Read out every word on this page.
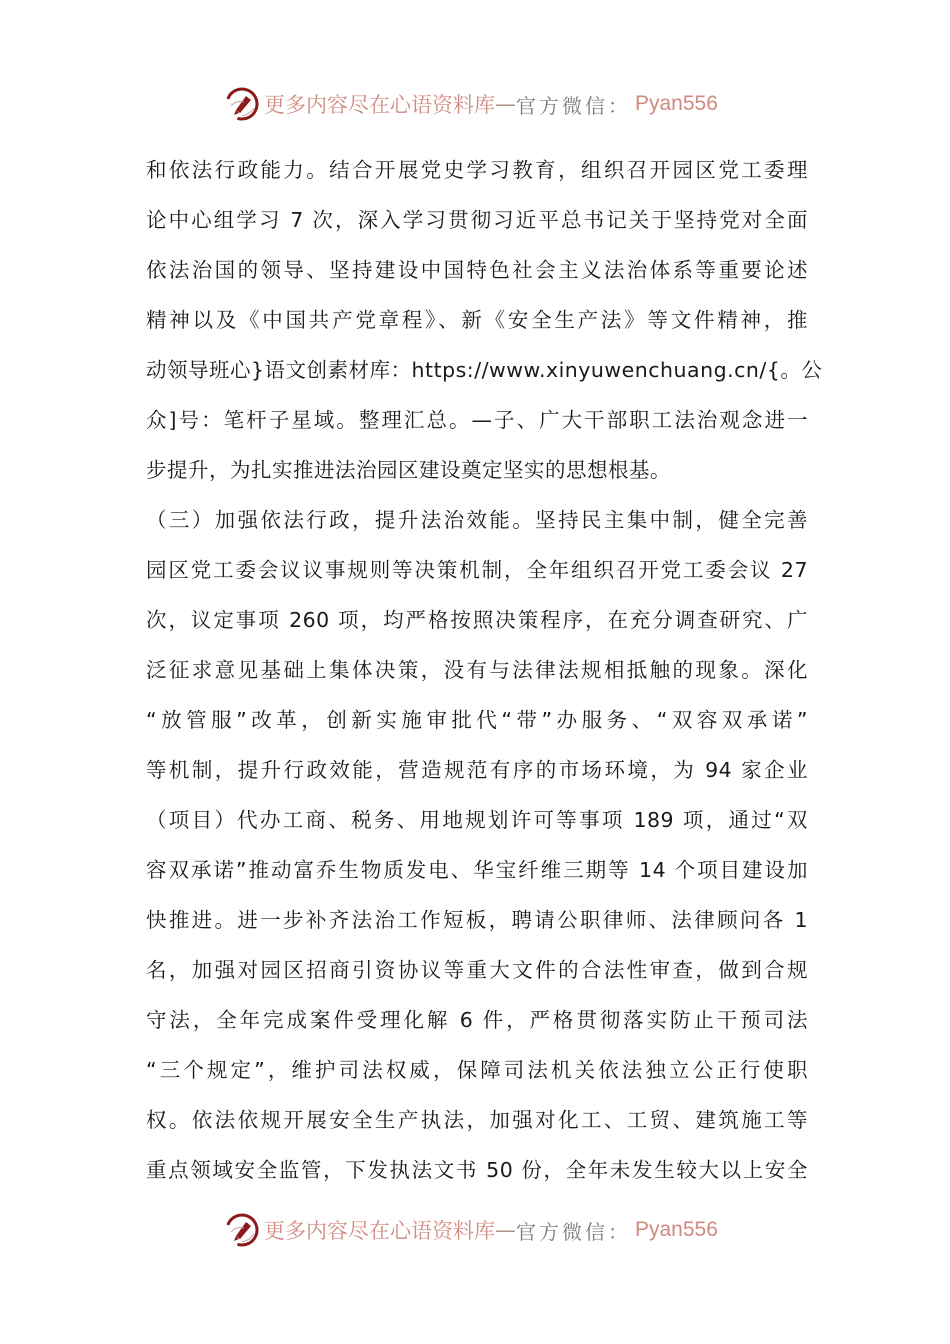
更多内容尽在心语资料库 — 官方微信： Pyan556
和依法行政能力。结合开展党史学习教育，组织召开园区党工委理
论中心组学习 7 次，深入学习贯彻习近平总书记关于坚持党对全面
依法治国的领导、坚持建设中国特色社会主义法治体系等重要论述
精神以及《中国共产党章程》、新《安全生产法》等文件精神，推
动领导班心}语文创素材库：https://www.xinyuwenchuang.cn/{。公
众]号：笔杆子星域。整理汇总。—子、广大干部职工法治观念进一
步提升，为扎实推进法治园区建设奠定坚实的思想根基。
（三）加强依法行政，提升法治效能。坚持民主集中制，健全完善
园区党工委会议议事规则等决策机制，全年组织召开党工委会议 27
次，议定事项 260 项，均严格按照决策程序，在充分调查研究、广
泛征求意见基础上集体决策，没有与法律法规相抵触的现象。深化
“放管服”改革，创新实施审批代“带”办服务、“双容双承诺”
等机制，提升行政效能，营造规范有序的市场环境，为 94 家企业
（项目）代办工商、税务、用地规划许可等事项 189 项，通过“双
容双承诺”推动富乔生物质发电、华宝纤维三期等 14 个项目建设加
快推进。进一步补齐法治工作短板，聘请公职律师、法律顾问各 1
名，加强对园区招商引资协议等重大文件的合法性审查，做到合规
守法，全年完成案件受理化解 6 件，严格贯彻落实防止干预司法
“三个规定”，维护司法权威，保障司法机关依法独立公正行使职
权。依法依规开展安全生产执法，加强对化工、工贸、建筑施工等
重点领域安全监管，下发执法文书 50 份，全年未发生较大以上安全
更多内容尽在心语资料库 — 官方微信： Pyan556
